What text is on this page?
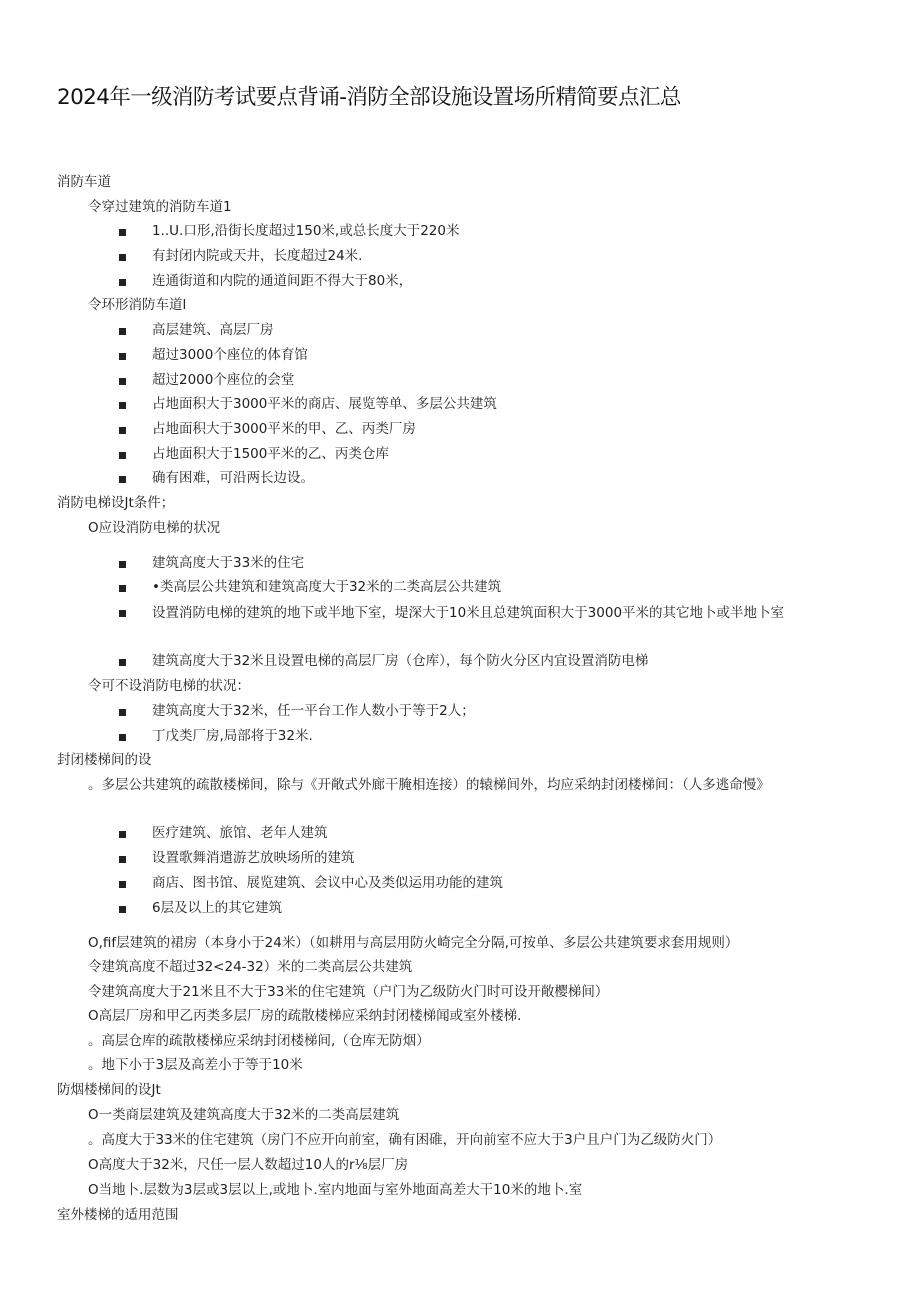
2024年一级消防考试要点背诵-消防全部设施设置场所精简要点汇总
消防车道
令穿过建筑的消防车道1
1..U.口形,沿街长度超过150米,或总长度大于220米
有封闭内院或天井，长度超过24米.
连通街道和内院的通道间距不得大于80米，
令环形消防车道l
高层建筑、高层厂房
超过3000个座位的体育馆
超过2000个座位的会堂
占地面积大于3000平米的商店、展览等单、多层公共建筑
占地面积大于3000平米的甲、乙、丙类厂房
占地面积大于1500平米的乙、丙类仓库
确有困难，可沿两长边设。
消防电梯设Jt条件；
O应设消防电梯的状况
建筑高度大于33米的住宅
•类高层公共建筑和建筑高度大于32米的二类高层公共建筑
设置消防电梯的建筑的地下或半地下室，堤深大于10米且总建筑面积大于3000平米的其它地卜或半地卜室
建筑高度大于32米且设置电梯的高层厂房（仓库），每个防火分区内宜设置消防电梯
令可不设消防电梯的状况：
建筑高度大于32米，任一平台工作人数小于等于2人；
丁戊类厂房,局部将于32米.
封闭楼梯间的设
。多层公共建筑的疏散楼梯间，除与《开敞式外廊干腌相连接）的辕梯间外，均应采纳封闭楼梯间：（人多逃命慢》
医疗建筑、旅馆、老年人建筑
设置歌舞消遣游艺放映场所的建筑
商店、图书馆、展览建筑、会议中心及类似运用功能的建筑
6层及以上的其它建筑
O,fif层建筑的裙房（本身小于24米）（如耕用与高层用防火崎完全分隔,可按单、多层公共建筑要求套用规则）
令建筑高度不超过32<24-32）米的二类高层公共建筑
令建筑高度大于21米且不大于33米的住宅建筑（户门为乙级防火门时可设开敞樱梯间）
O高层厂房和甲乙丙类多层厂房的疏散楼梯应采纳封闭楼梯闻或室外楼梯.
。高层仓库的疏散楼梯应采纳封闭楼梯间,（仓库无防烟）
。地下小于3层及高差小于等于10米
防烟楼梯间的设Jt
O一类商层建筑及建筑高度大于32米的二类高层建筑
。高度大于33米的住宅建筑（房门不应开向前室，确有困碓，开向前室不应大于3户且户门为乙级防火门）
O高度大于32米，尺任一层人数超过10人的r⅛层厂房
O当地卜.层数为3层或3层以上,或地卜.室内地面与室外地面高差大干10米的地卜.室
室外楼梯的适用范围
